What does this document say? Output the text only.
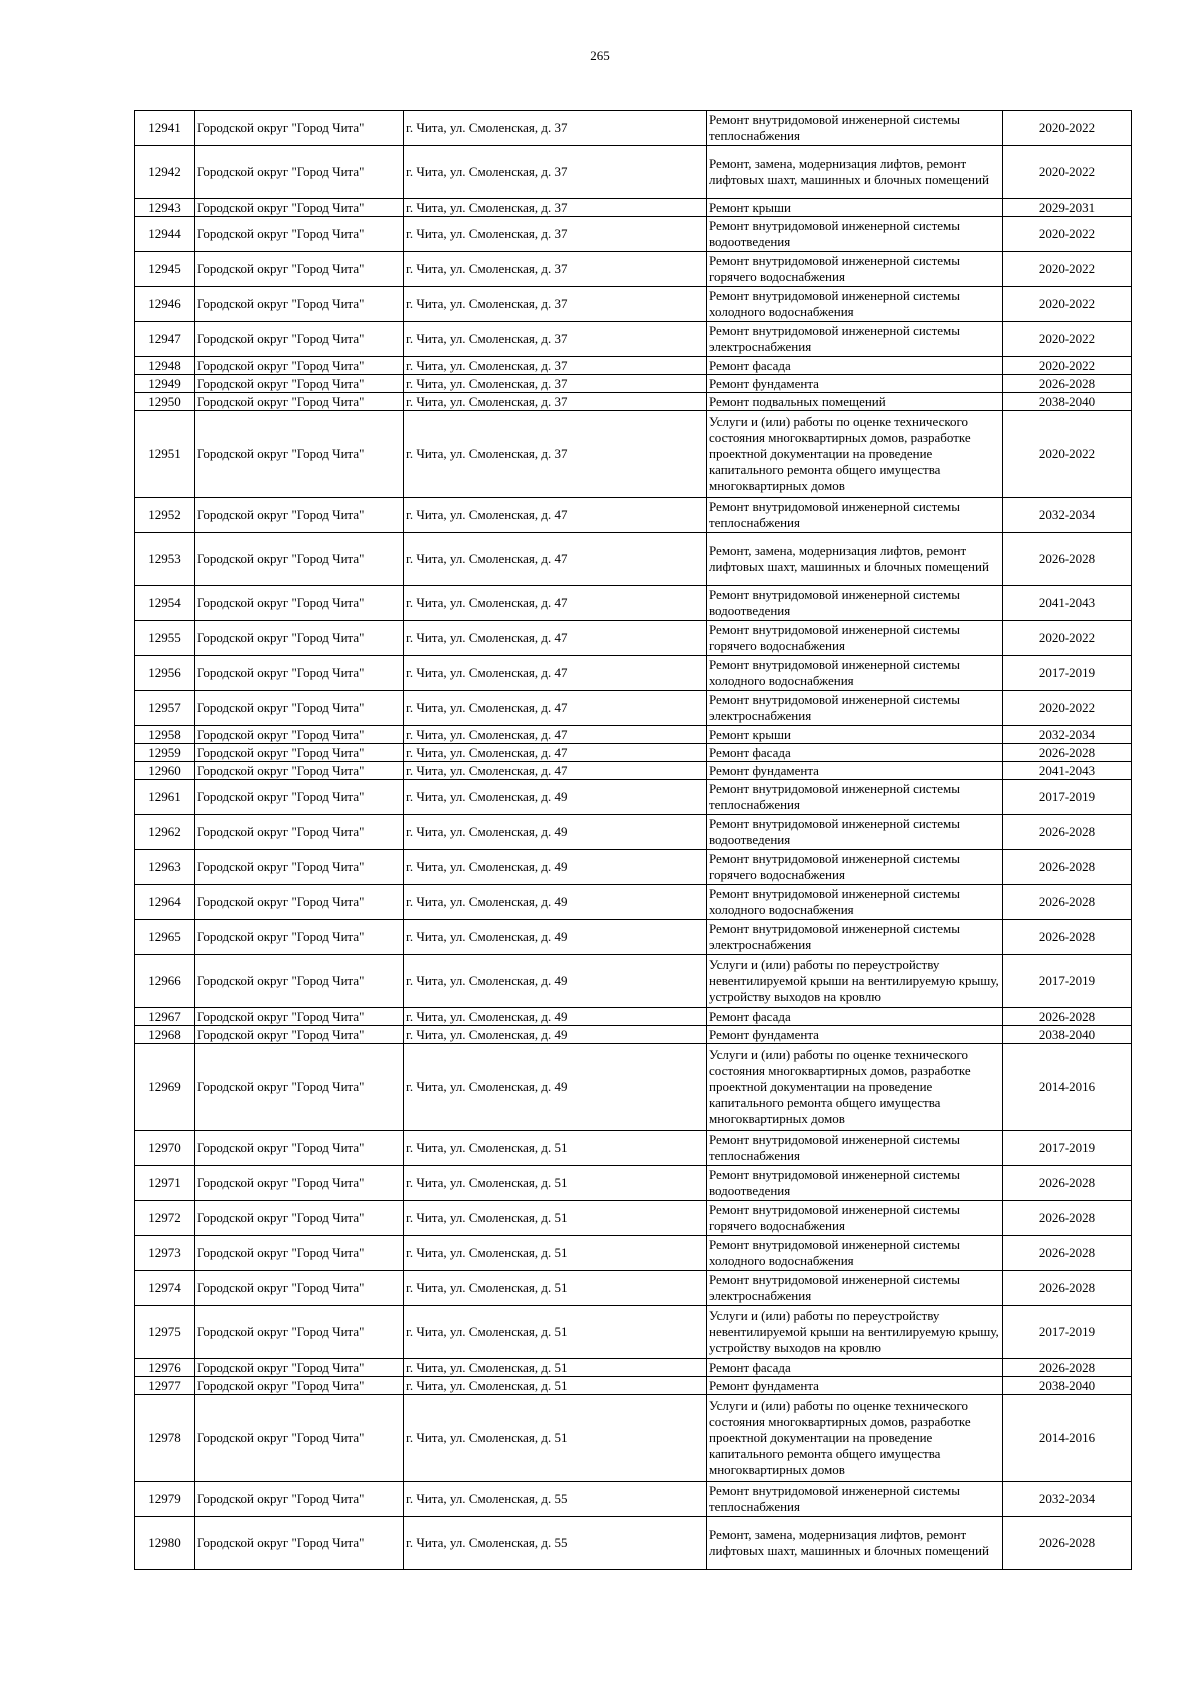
265
12941	Городской округ "Город Чита"	г. Чита, ул. Смоленская, д. 37	Ремонт внутридомовой инженерной системы теплоснабжения	2020-2022
12942	Городской округ "Город Чита"	г. Чита, ул. Смоленская, д. 37	Ремонт, замена, модернизация лифтов, ремонт лифтовых шахт, машинных и блочных помещений	2020-2022
12943	Городской округ "Город Чита"	г. Чита, ул. Смоленская, д. 37	Ремонт крыши	2029-2031
12944	Городской округ "Город Чита"	г. Чита, ул. Смоленская, д. 37	Ремонт внутридомовой инженерной системы водоотведения	2020-2022
12945	Городской округ "Город Чита"	г. Чита, ул. Смоленская, д. 37	Ремонт внутридомовой инженерной системы горячего водоснабжения	2020-2022
12946	Городской округ "Город Чита"	г. Чита, ул. Смоленская, д. 37	Ремонт внутридомовой инженерной системы холодного водоснабжения	2020-2022
12947	Городской округ "Город Чита"	г. Чита, ул. Смоленская, д. 37	Ремонт внутридомовой инженерной системы электроснабжения	2020-2022
12948	Городской округ "Город Чита"	г. Чита, ул. Смоленская, д. 37	Ремонт фасада	2020-2022
12949	Городской округ "Город Чита"	г. Чита, ул. Смоленская, д. 37	Ремонт фундамента	2026-2028
12950	Городской округ "Город Чита"	г. Чита, ул. Смоленская, д. 37	Ремонт подвальных помещений	2038-2040
12951	Городской округ "Город Чита"	г. Чита, ул. Смоленская, д. 37	Услуги и (или) работы по оценке технического состояния многоквартирных домов, разработке проектной документации на проведение капитального ремонта общего имущества многоквартирных домов	2020-2022
12952	Городской округ "Город Чита"	г. Чита, ул. Смоленская, д. 47	Ремонт внутридомовой инженерной системы теплоснабжения	2032-2034
12953	Городской округ "Город Чита"	г. Чита, ул. Смоленская, д. 47	Ремонт, замена, модернизация лифтов, ремонт лифтовых шахт, машинных и блочных помещений	2026-2028
12954	Городской округ "Город Чита"	г. Чита, ул. Смоленская, д. 47	Ремонт внутридомовой инженерной системы водоотведения	2041-2043
12955	Городской округ "Город Чита"	г. Чита, ул. Смоленская, д. 47	Ремонт внутридомовой инженерной системы горячего водоснабжения	2020-2022
12956	Городской округ "Город Чита"	г. Чита, ул. Смоленская, д. 47	Ремонт внутридомовой инженерной системы холодного водоснабжения	2017-2019
12957	Городской округ "Город Чита"	г. Чита, ул. Смоленская, д. 47	Ремонт внутридомовой инженерной системы электроснабжения	2020-2022
12958	Городской округ "Город Чита"	г. Чита, ул. Смоленская, д. 47	Ремонт крыши	2032-2034
12959	Городской округ "Город Чита"	г. Чита, ул. Смоленская, д. 47	Ремонт фасада	2026-2028
12960	Городской округ "Город Чита"	г. Чита, ул. Смоленская, д. 47	Ремонт фундамента	2041-2043
12961	Городской округ "Город Чита"	г. Чита, ул. Смоленская, д. 49	Ремонт внутридомовой инженерной системы теплоснабжения	2017-2019
12962	Городской округ "Город Чита"	г. Чита, ул. Смоленская, д. 49	Ремонт внутридомовой инженерной системы водоотведения	2026-2028
12963	Городской округ "Город Чита"	г. Чита, ул. Смоленская, д. 49	Ремонт внутридомовой инженерной системы горячего водоснабжения	2026-2028
12964	Городской округ "Город Чита"	г. Чита, ул. Смоленская, д. 49	Ремонт внутридомовой инженерной системы холодного водоснабжения	2026-2028
12965	Городской округ "Город Чита"	г. Чита, ул. Смоленская, д. 49	Ремонт внутридомовой инженерной системы электроснабжения	2026-2028
12966	Городской округ "Город Чита"	г. Чита, ул. Смоленская, д. 49	Услуги и (или) работы по переустройству невентилируемой крыши на вентилируемую крышу, устройству выходов на кровлю	2017-2019
12967	Городской округ "Город Чита"	г. Чита, ул. Смоленская, д. 49	Ремонт фасада	2026-2028
12968	Городской округ "Город Чита"	г. Чита, ул. Смоленская, д. 49	Ремонт фундамента	2038-2040
12969	Городской округ "Город Чита"	г. Чита, ул. Смоленская, д. 49	Услуги и (или) работы по оценке технического состояния многоквартирных домов, разработке проектной документации на проведение капитального ремонта общего имущества многоквартирных домов	2014-2016
12970	Городской округ "Город Чита"	г. Чита, ул. Смоленская, д. 51	Ремонт внутридомовой инженерной системы теплоснабжения	2017-2019
12971	Городской округ "Город Чита"	г. Чита, ул. Смоленская, д. 51	Ремонт внутридомовой инженерной системы водоотведения	2026-2028
12972	Городской округ "Город Чита"	г. Чита, ул. Смоленская, д. 51	Ремонт внутридомовой инженерной системы горячего водоснабжения	2026-2028
12973	Городской округ "Город Чита"	г. Чита, ул. Смоленская, д. 51	Ремонт внутридомовой инженерной системы холодного водоснабжения	2026-2028
12974	Городской округ "Город Чита"	г. Чита, ул. Смоленская, д. 51	Ремонт внутридомовой инженерной системы электроснабжения	2026-2028
12975	Городской округ "Город Чита"	г. Чита, ул. Смоленская, д. 51	Услуги и (или) работы по переустройству невентилируемой крыши на вентилируемую крышу, устройству выходов на кровлю	2017-2019
12976	Городской округ "Город Чита"	г. Чита, ул. Смоленская, д. 51	Ремонт фасада	2026-2028
12977	Городской округ "Город Чита"	г. Чита, ул. Смоленская, д. 51	Ремонт фундамента	2038-2040
12978	Городской округ "Город Чита"	г. Чита, ул. Смоленская, д. 51	Услуги и (или) работы по оценке технического состояния многоквартирных домов, разработке проектной документации на проведение капитального ремонта общего имущества многоквартирных домов	2014-2016
12979	Городской округ "Город Чита"	г. Чита, ул. Смоленская, д. 55	Ремонт внутридомовой инженерной системы теплоснабжения	2032-2034
12980	Городской округ "Город Чита"	г. Чита, ул. Смоленская, д. 55	Ремонт, замена, модернизация лифтов, ремонт лифтовых шахт, машинных и блочных помещений	2026-2028
